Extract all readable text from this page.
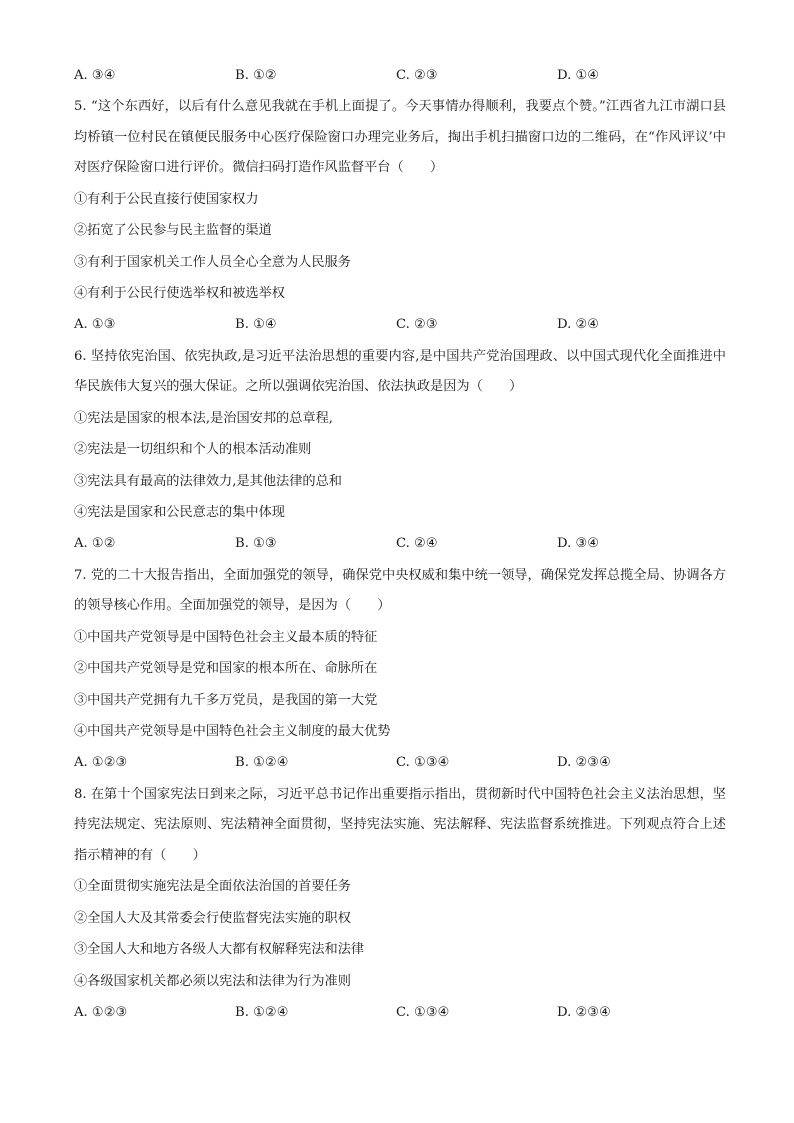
A. ③④	B. ①②	C. ②③	D. ①④
5. “这个东西好，以后有什么意见我就在手机上面提了。今天事情办得顺利，我要点个赞。”江西省九江市湖口县均桥镇一位村民在镇便民服务中心医疗保险窗口办理完业务后，掏出手机扫描窗口边的二维码，在“作风评议’中对医疗保险窗口进行评价。微信扫码打造作风监督平台（　　）
①有利于公民直接行使国家权力
②拓宽了公民参与民主监督的渠道
③有利于国家机关工作人员全心全意为人民服务
④有利于公民行使选举权和被选举权
A. ①③	B. ①④	C. ②③	D. ②④
6. 坚持依宪治国、依宪执政,是习近平法治思想的重要内容,是中国共产党治国理政、以中国式现代化全面推进中华民族伟大复兴的强大保证。之所以强调依宪治国、依法执政是因为（　　）
①宪法是国家的根本法,是治国安邦的总章程,
②宪法是一切组织和个人的根本活动准则
③宪法具有最高的法律效力,是其他法律的总和
④宪法是国家和公民意志的集中体现
A. ①②	B. ①③	C. ②④	D. ③④
7. 党的二十大报告指出，全面加强党的领导，确保党中央权威和集中统一领导，确保党发挥总揽全局、协调各方的领导核心作用。全面加强党的领导，是因为（　　）
①中国共产党领导是中国特色社会主义最本质的特征
②中国共产党领导是党和国家的根本所在、命脉所在
③中国共产党拥有九千多万党员，是我国的第一大党
④中国共产党领导是中国特色社会主义制度的最大优势
A. ①②③	B. ①②④	C. ①③④	D. ②③④
8. 在第十个国家宪法日到来之际，习近平总书记作出重要指示指出，贯彻新时代中国特色社会主义法治思想，坚持宪法规定、宪法原则、宪法精神全面贯彻，坚持宪法实施、宪法解释、宪法监督系统推进。下列观点符合上述指示精神的有（　　）
①全面贯彻实施宪法是全面依法治国的首要任务
②全国人大及其常委会行使监督宪法实施的职权
③全国人大和地方各级人大都有权解释宪法和法律
④各级国家机关都必须以宪法和法律为行为准则
A. ①②③	B. ①②④	C. ①③④	D. ②③④
